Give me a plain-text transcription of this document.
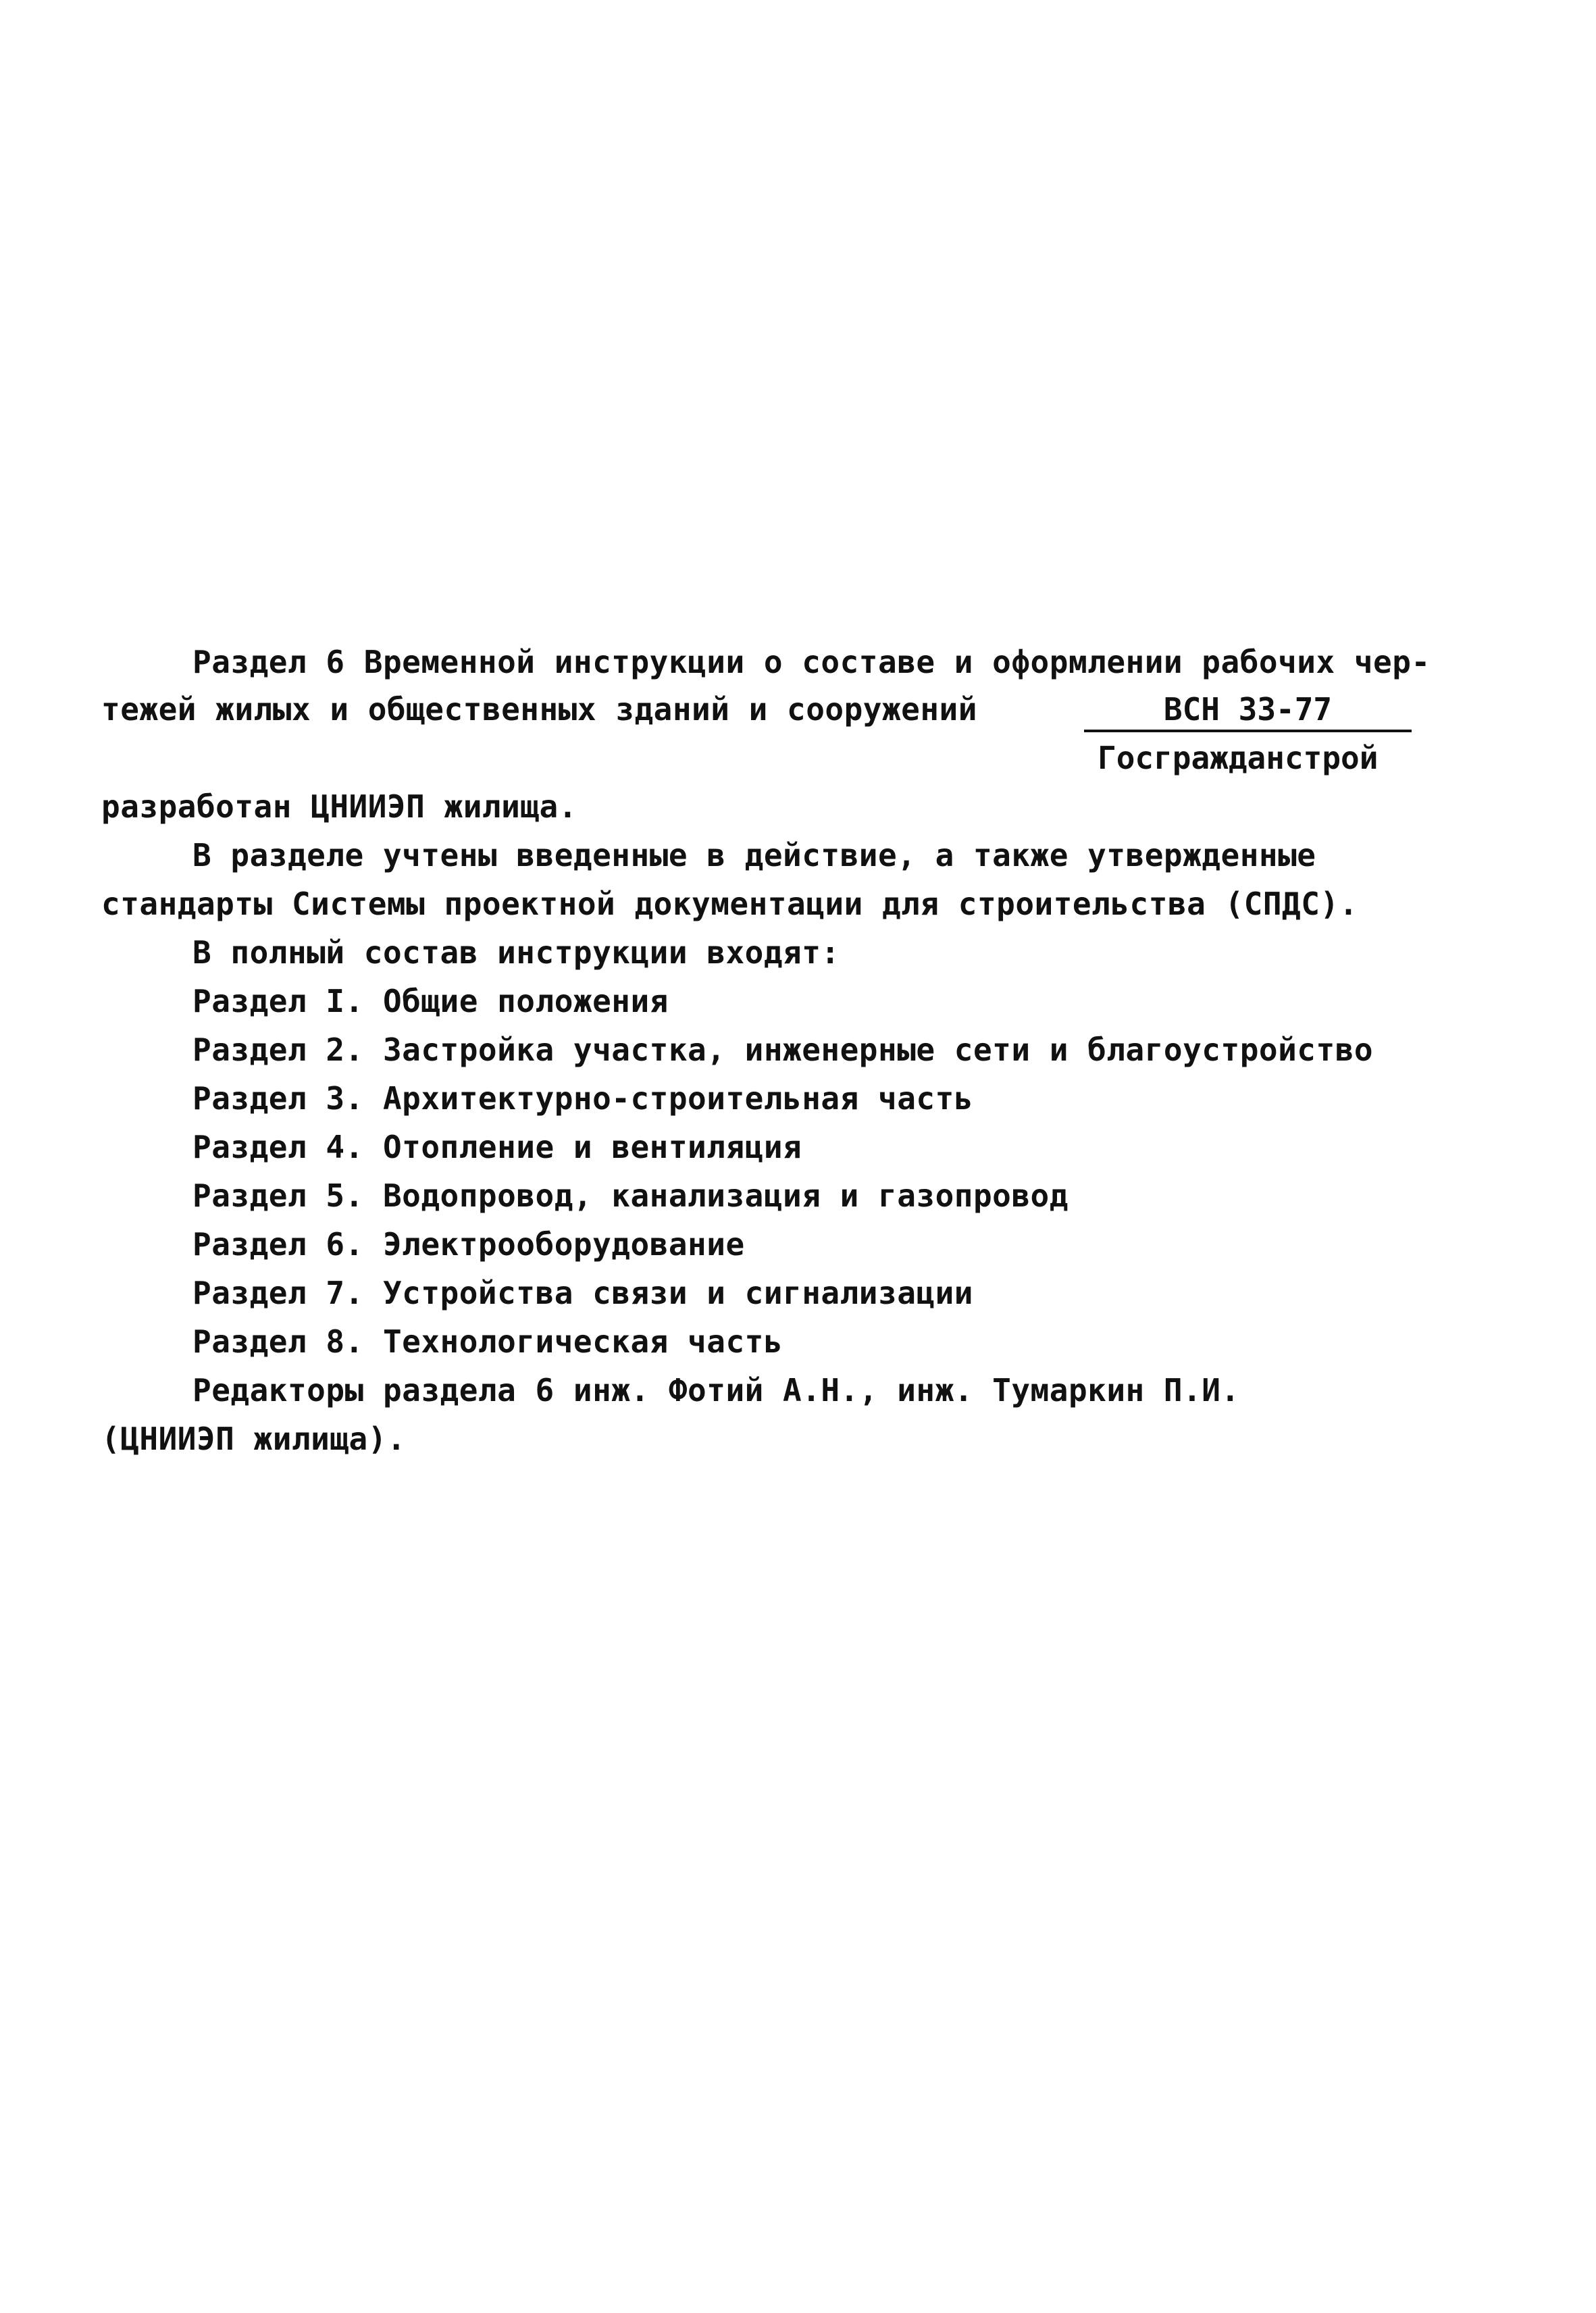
Раздел 6 Временной инструкции о составе и оформлении рабочих чер-
тежей жилых и общественных зданий и сооружений	ВСН 33-77
Госгражданстрой
разработан ЦНИИЭП жилища.
В разделе учтены введенные в действие, а также утвержденные
стандарты Системы проектной документации для строительства (СПДС).
В полный состав инструкции входят:
Раздел I. Общие положения
Раздел 2. Застройка участка, инженерные сети и благоустройство
Раздел 3. Архитектурно-строительная часть
Раздел 4. Отопление и вентиляция
Раздел 5. Водопровод, канализация и газопровод
Раздел 6. Электрооборудование
Раздел 7. Устройства связи и сигнализации
Раздел 8. Технологическая часть
Редакторы раздела 6 инж. Фотий А.Н., инж. Тумаркин П.И.
(ЦНИИЭП жилища).
